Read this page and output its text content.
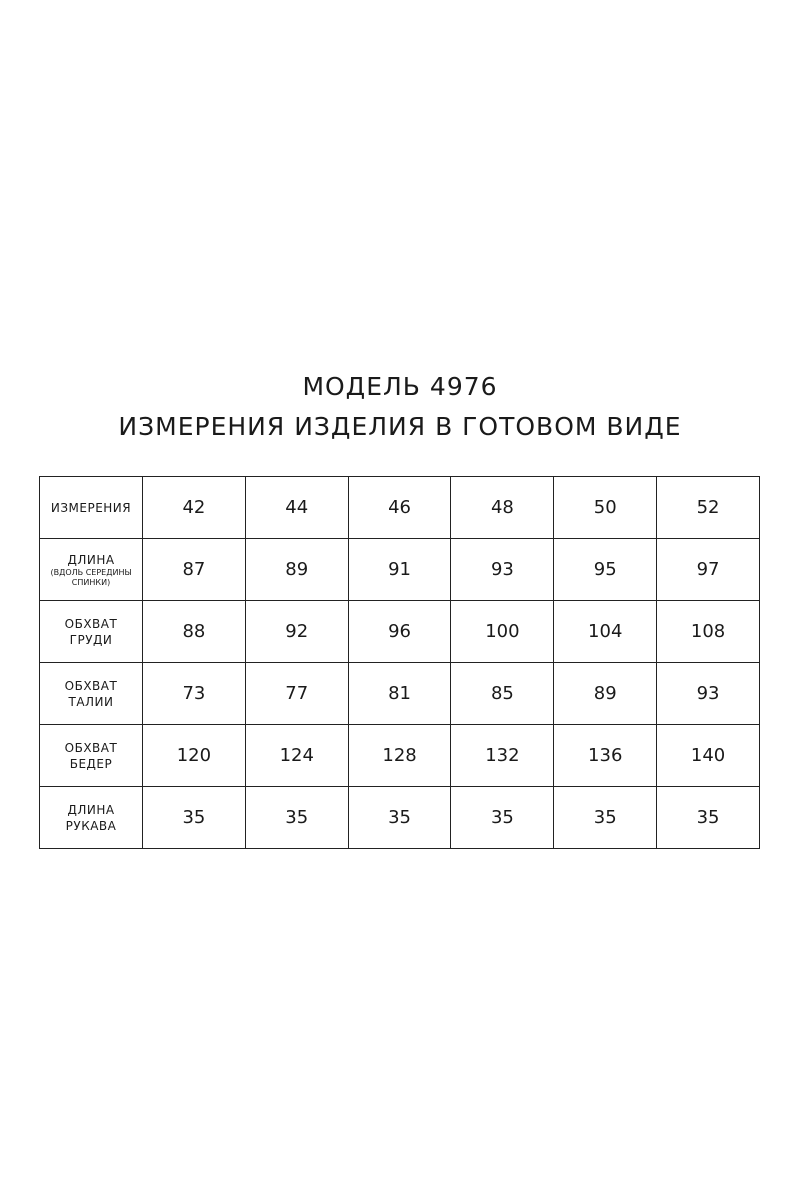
МОДЕЛЬ 4976
ИЗМЕРЕНИЯ ИЗДЕЛИЯ В ГОТОВОМ ВИДЕ
ИЗМЕРЕНИЯ	42	44	46	48	50	52

ДЛИНА
(ВДОЛЬ СЕРЕДИНЫ СПИНКИ)	87	89	91	93	95	97

ОБХВАТ
ГРУДИ	88	92	96	100	104	108

ОБХВАТ
ТАЛИИ	73	77	81	85	89	93

ОБХВАТ
БЕДЕР	120	124	128	132	136	140

ДЛИНА
РУКАВА	35	35	35	35	35	35
